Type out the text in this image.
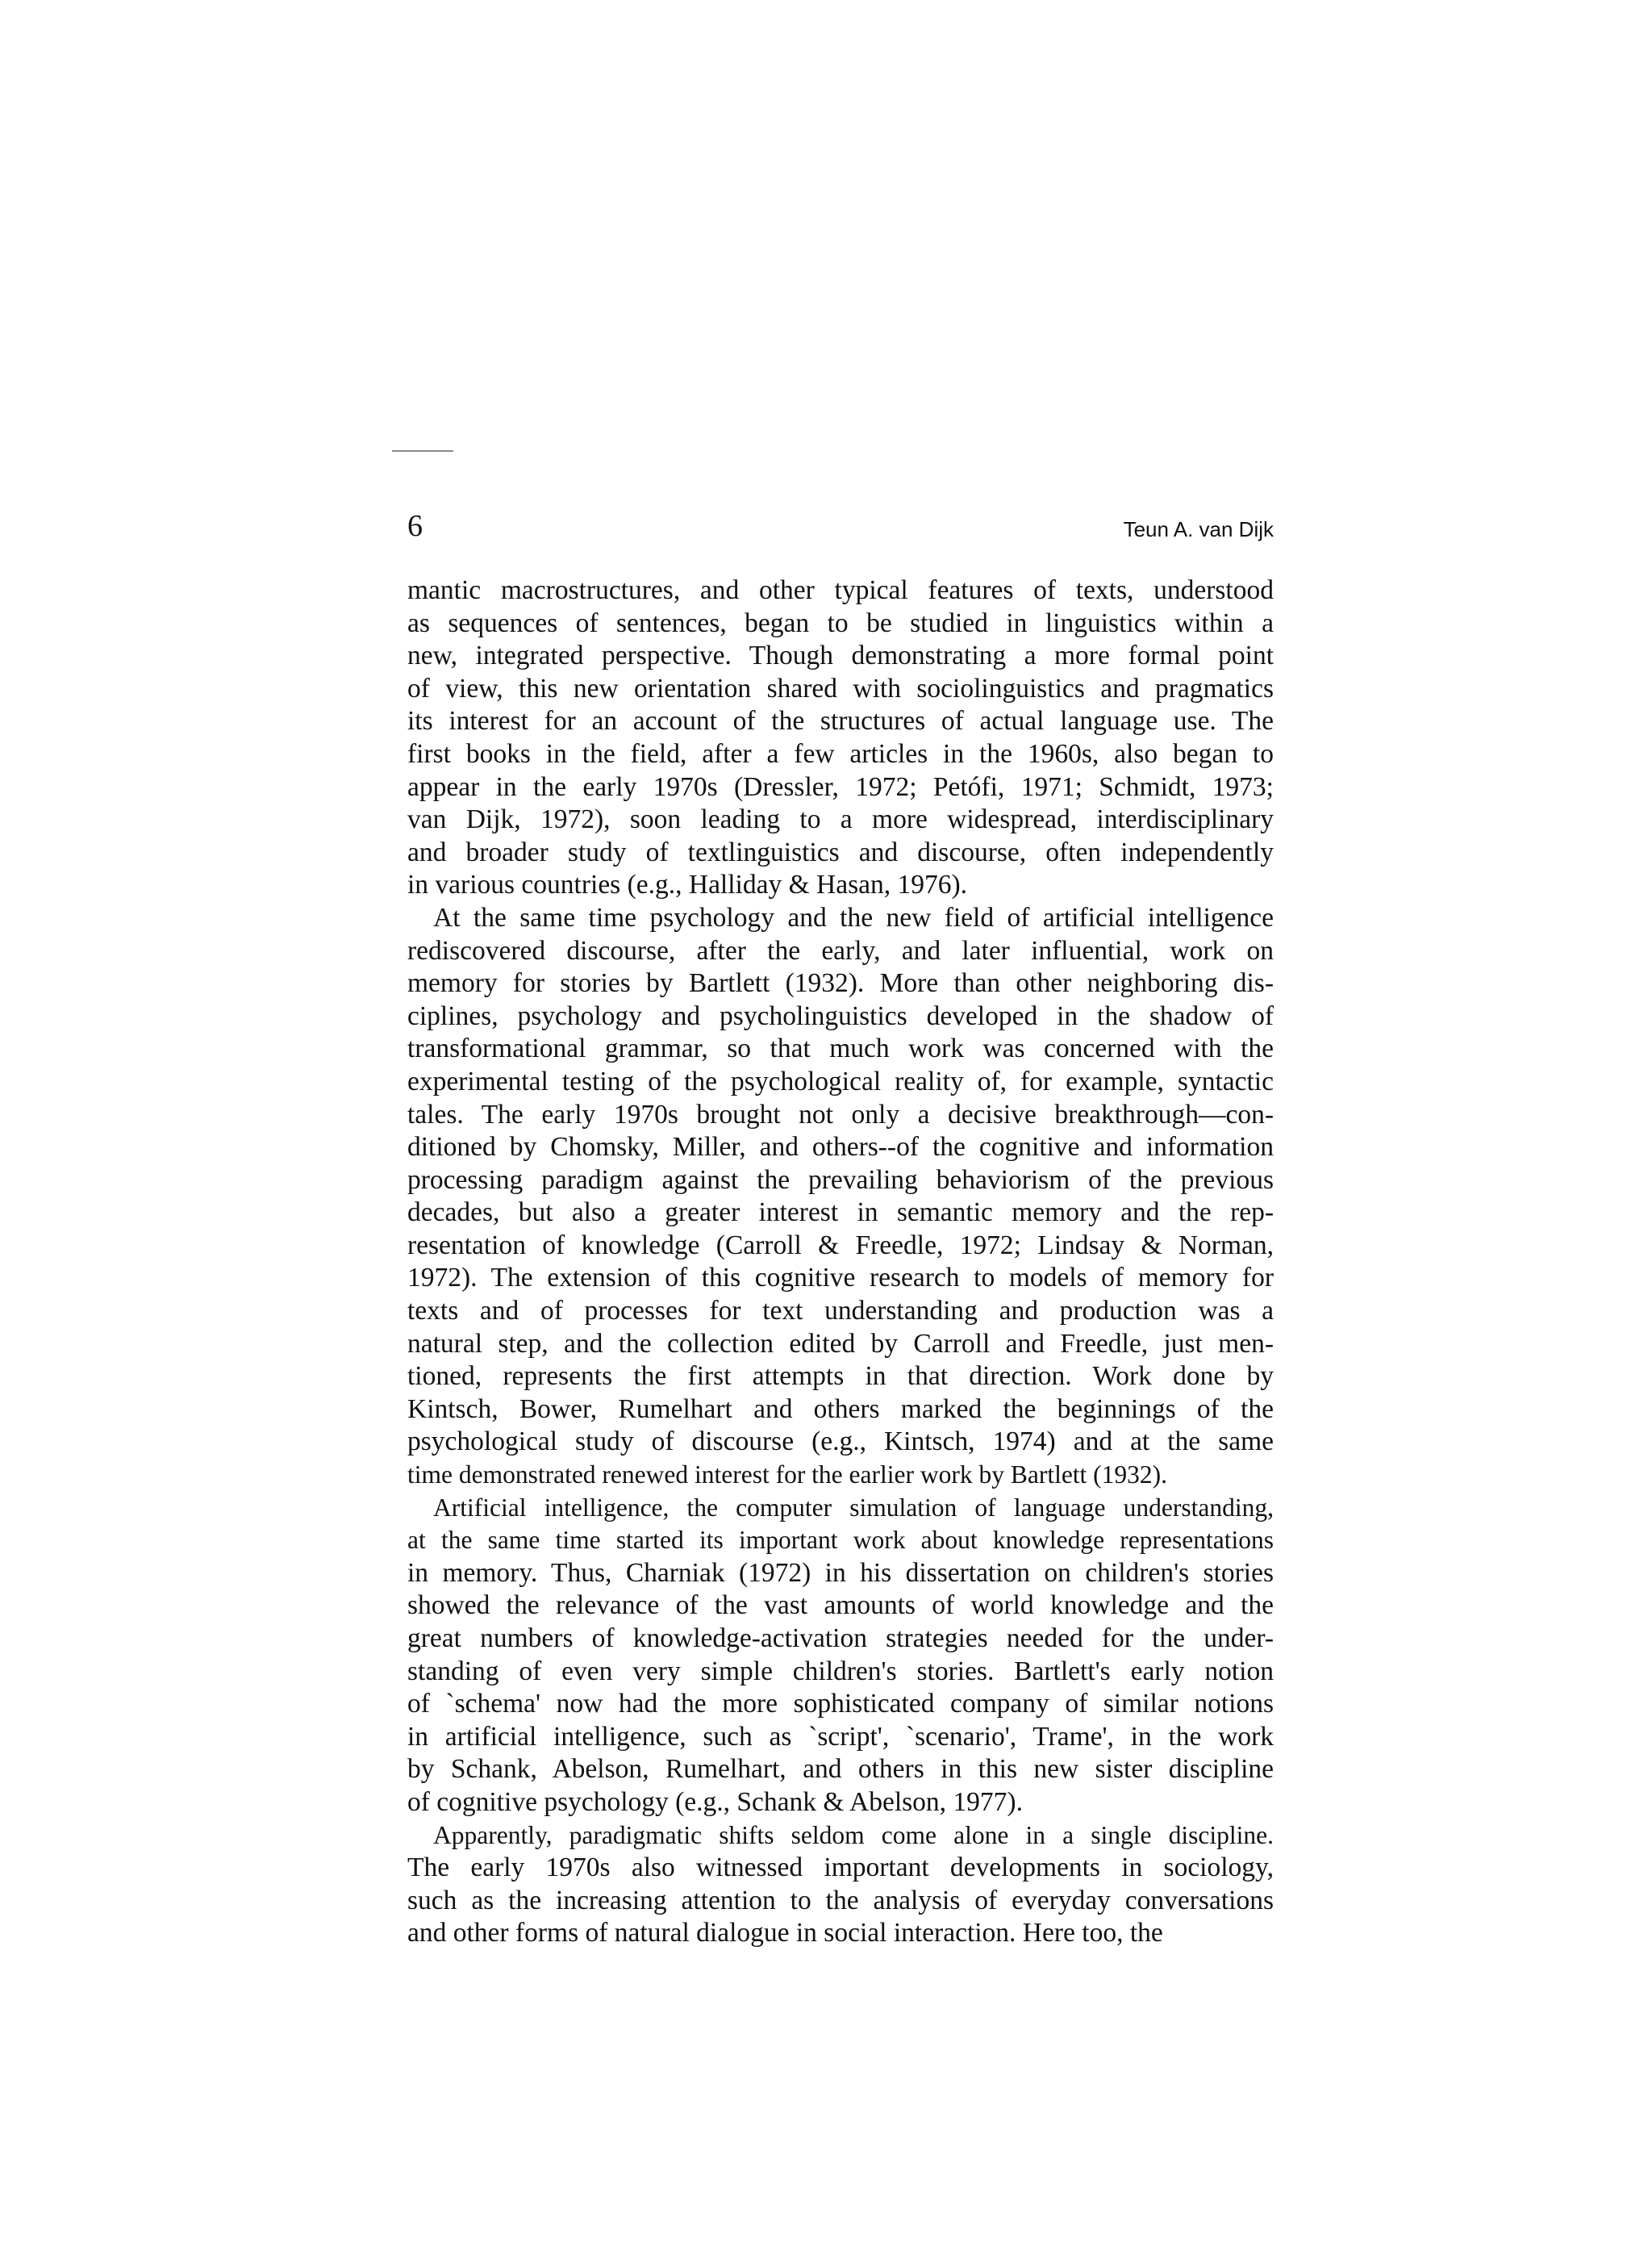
6	Teun A. van Dijk
mantic macrostructures, and other typical features of texts, understood
as sequences of sentences, began to be studied in linguistics within a
new, integrated perspective. Though demonstrating a more formal point
of view, this new orientation shared with sociolinguistics and pragmatics
its interest for an account of the structures of actual language use. The
first books in the field, after a few articles in the 1960s, also began to
appear in the early 1970s (Dressler, 1972; Petófi, 1971; Schmidt, 1973;
van Dijk, 1972), soon leading to a more widespread, interdisciplinary
and broader study of textlinguistics and discourse, often independently
in various countries (e.g., Halliday & Hasan, 1976).
At the same time psychology and the new field of artificial intelligence
rediscovered discourse, after the early, and later influential, work on
memory for stories by Bartlett (1932). More than other neighboring dis-
ciplines, psychology and psycholinguistics developed in the shadow of
transformational grammar, so that much work was concerned with the
experimental testing of the psychological reality of, for example, syntactic
tales. The early 1970s brought not only a decisive breakthrough—con-
ditioned by Chomsky, Miller, and others--of the cognitive and information
processing paradigm against the prevailing behaviorism of the previous
decades, but also a greater interest in semantic memory and the rep-
resentation of knowledge (Carroll & Freedle, 1972; Lindsay & Norman,
1972). The extension of this cognitive research to models of memory for
texts and of processes for text understanding and production was a
natural step, and the collection edited by Carroll and Freedle, just men-
tioned, represents the first attempts in that direction. Work done by
Kintsch, Bower, Rumelhart and others marked the beginnings of the
psychological study of discourse (e.g., Kintsch, 1974) and at the same
time demonstrated renewed interest for the earlier work by Bartlett (1932).
Artificial intelligence, the computer simulation of language understanding,
at the same time started its important work about knowledge representations
in memory. Thus, Charniak (1972) in his dissertation on children's stories
showed the relevance of the vast amounts of world knowledge and the
great numbers of knowledge-activation strategies needed for the under-
standing of even very simple children's stories. Bartlett's early notion
of `schema' now had the more sophisticated company of similar notions
in artificial intelligence, such as `script', `scenario', Trame', in the work
by Schank, Abelson, Rumelhart, and others in this new sister discipline
of cognitive psychology (e.g., Schank & Abelson, 1977).
Apparently, paradigmatic shifts seldom come alone in a single discipline.
The early 1970s also witnessed important developments in sociology,
such as the increasing attention to the analysis of everyday conversations
and other forms of natural dialogue in social interaction. Here too, the
